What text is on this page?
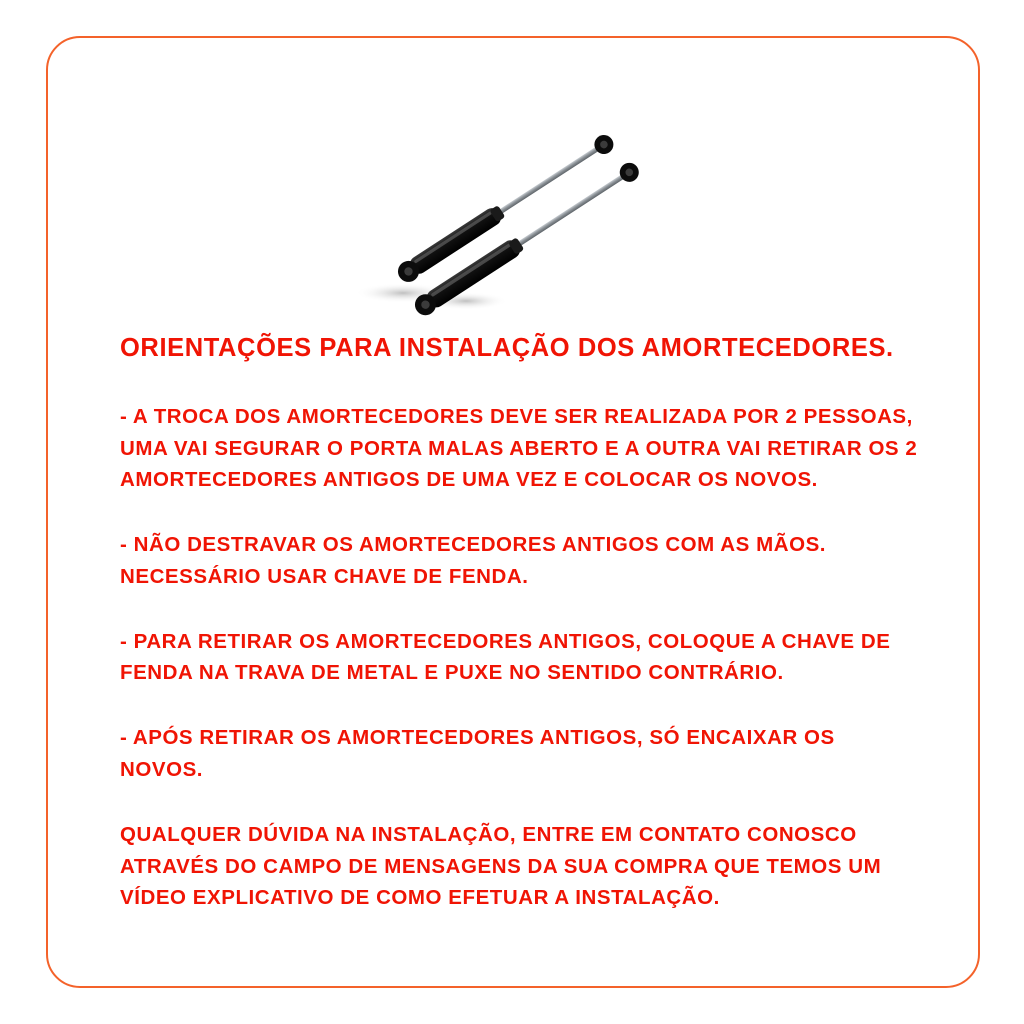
ORIENTAÇÕES PARA INSTALAÇÃO DOS AMORTECEDORES.

- A TROCA DOS AMORTECEDORES DEVE SER REALIZADA POR 2 PESSOAS, UMA VAI SEGURAR O PORTA MALAS ABERTO E A OUTRA VAI RETIRAR OS 2 AMORTECEDORES ANTIGOS DE UMA VEZ E COLOCAR OS NOVOS.

- NÃO DESTRAVAR OS AMORTECEDORES ANTIGOS COM AS MÃOS. NECESSÁRIO USAR CHAVE DE FENDA.

- PARA RETIRAR OS AMORTECEDORES ANTIGOS, COLOQUE A CHAVE DE FENDA NA TRAVA DE METAL E PUXE NO SENTIDO CONTRÁRIO.

- APÓS RETIRAR OS AMORTECEDORES ANTIGOS, SÓ ENCAIXAR OS NOVOS.

QUALQUER DÚVIDA NA INSTALAÇÃO, ENTRE EM CONTATO CONOSCO ATRAVÉS DO CAMPO DE MENSAGENS DA SUA COMPRA QUE TEMOS UM VÍDEO EXPLICATIVO DE COMO EFETUAR A INSTALAÇÃO.
